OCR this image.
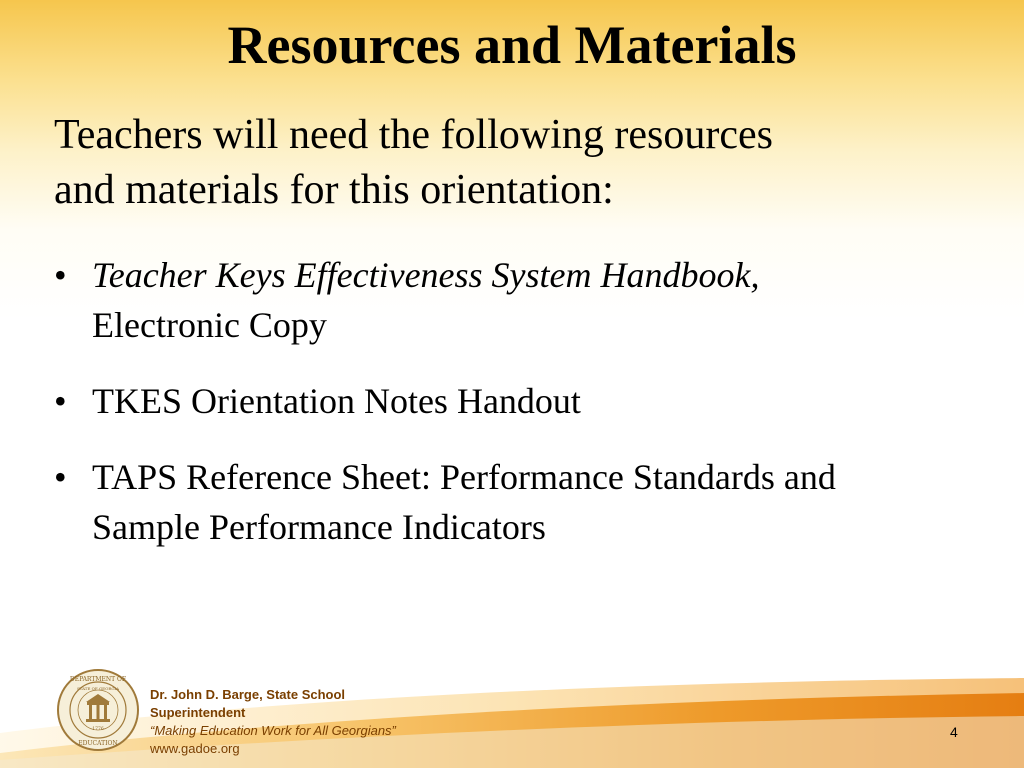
Resources and Materials

Teachers will need the following resources
and materials for this orientation:

• Teacher Keys Effectiveness System Handbook,
Electronic Copy
• TKES Orientation Notes Handout
• TAPS Reference Sheet: Performance Standards and
Sample Performance Indicators
DEPARTMENT OF
STATE OF GEORGIA
1776
EDUCATION
Dr. John D. Barge, State School
Superintendent
“Making Education Work for All Georgians”
www.gadoe.org
4
